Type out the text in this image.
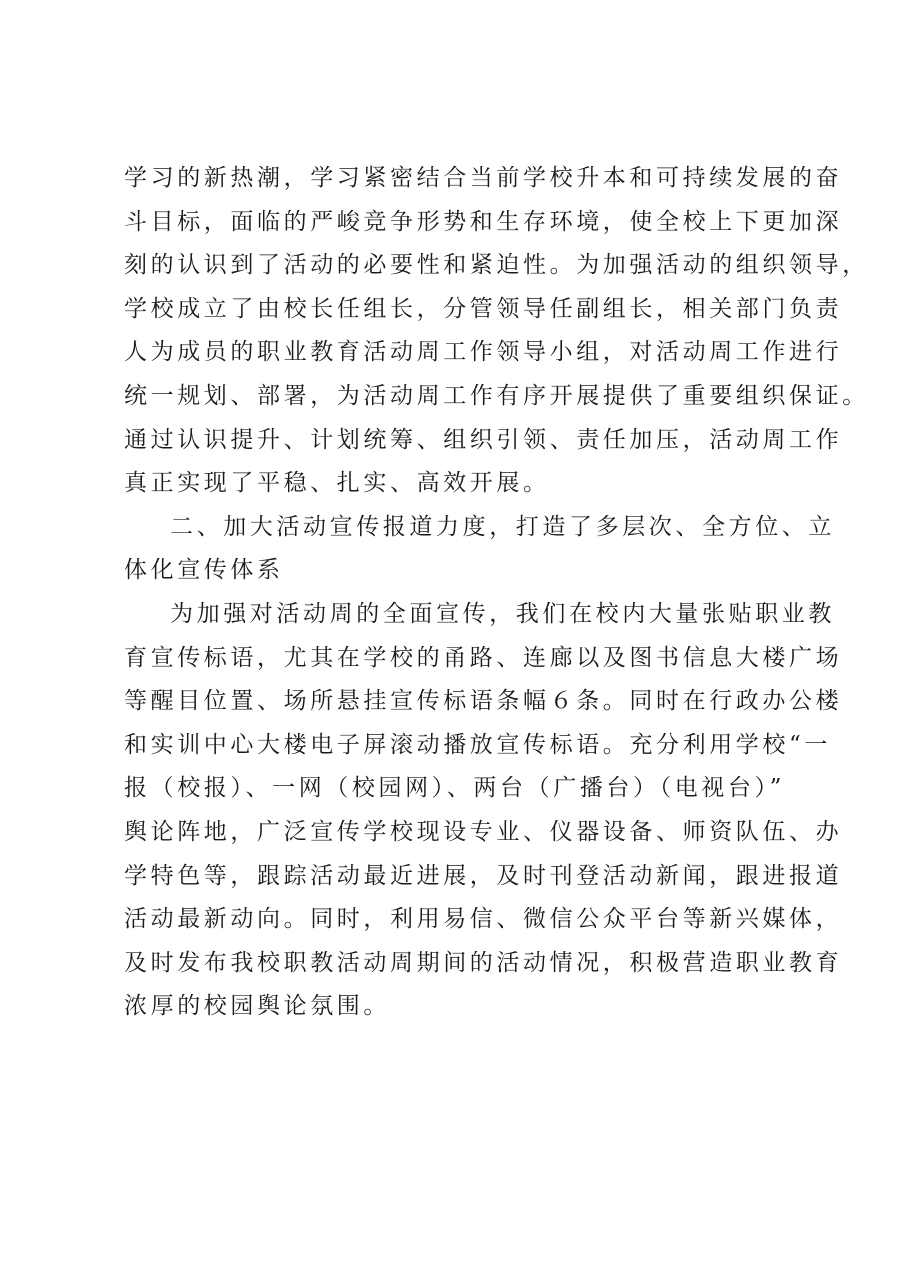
学习的新热潮，学习紧密结合当前学校升本和可持续发展的奋
斗目标，面临的严峻竞争形势和生存环境，使全校上下更加深
刻的认识到了活动的必要性和紧迫性。为加强活动的组织领导，
学校成立了由校长任组长，分管领导任副组长，相关部门负责
人为成员的职业教育活动周工作领导小组，对活动周工作进行
统一规划、部署，为活动周工作有序开展提供了重要组织保证。
通过认识提升、计划统筹、组织引领、责任加压，活动周工作
真正实现了平稳、扎实、高效开展。
二、加大活动宣传报道力度，打造了多层次、全方位、立
体化宣传体系
为加强对活动周的全面宣传，我们在校内大量张贴职业教
育宣传标语，尤其在学校的甬路、连廊以及图书信息大楼广场
等醒目位置、场所悬挂宣传标语条幅６条。同时在行政办公楼
和实训中心大楼电子屏滚动播放宣传标语。充分利用学校“一
报（校报）、一网（校园网）、两台（广播台）（电视台）”
舆论阵地，广泛宣传学校现设专业、仪器设备、师资队伍、办
学特色等，跟踪活动最近进展，及时刊登活动新闻，跟进报道
活动最新动向。同时，利用易信、微信公众平台等新兴媒体，
及时发布我校职教活动周期间的活动情况，积极营造职业教育
浓厚的校园舆论氛围。
